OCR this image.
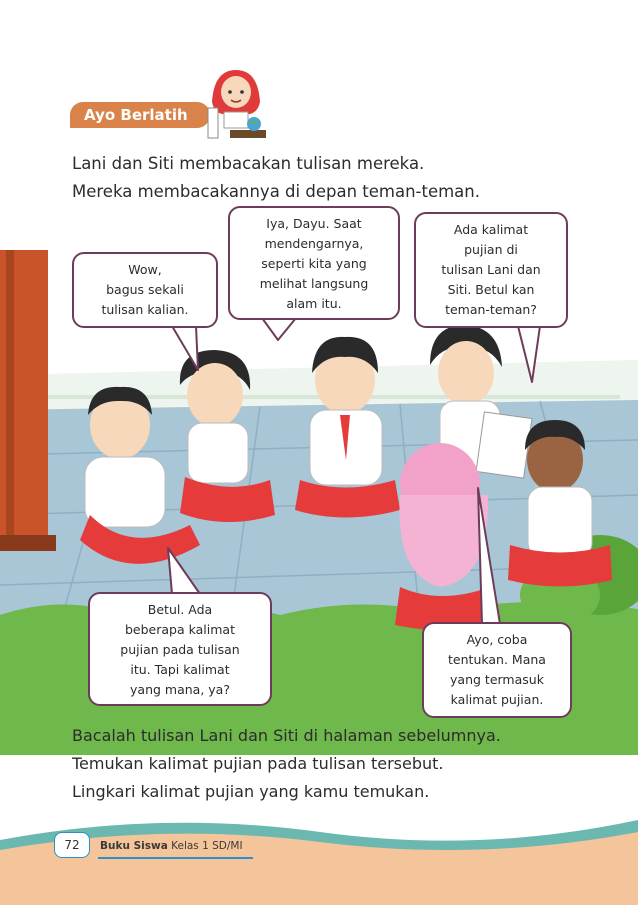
Ayo Berlatih
Lani dan Siti membacakan tulisan mereka.
Mereka membacakannya di depan teman-teman.
Wow,
bagus sekali
tulisan kalian.
Iya, Dayu. Saat
mendengarnya,
seperti kita yang
melihat langsung
alam itu.
Ada kalimat
pujian di
tulisan Lani dan
Siti. Betul kan
teman-teman?
Betul. Ada
beberapa kalimat
pujian pada tulisan
itu. Tapi kalimat
yang mana, ya?
Ayo, coba
tentukan. Mana
yang termasuk
kalimat pujian.
Bacalah tulisan Lani dan Siti di halaman sebelumnya.
Temukan kalimat pujian pada tulisan tersebut.
Lingkari kalimat pujian yang kamu temukan.
72	Buku Siswa Kelas 1 SD/MI
